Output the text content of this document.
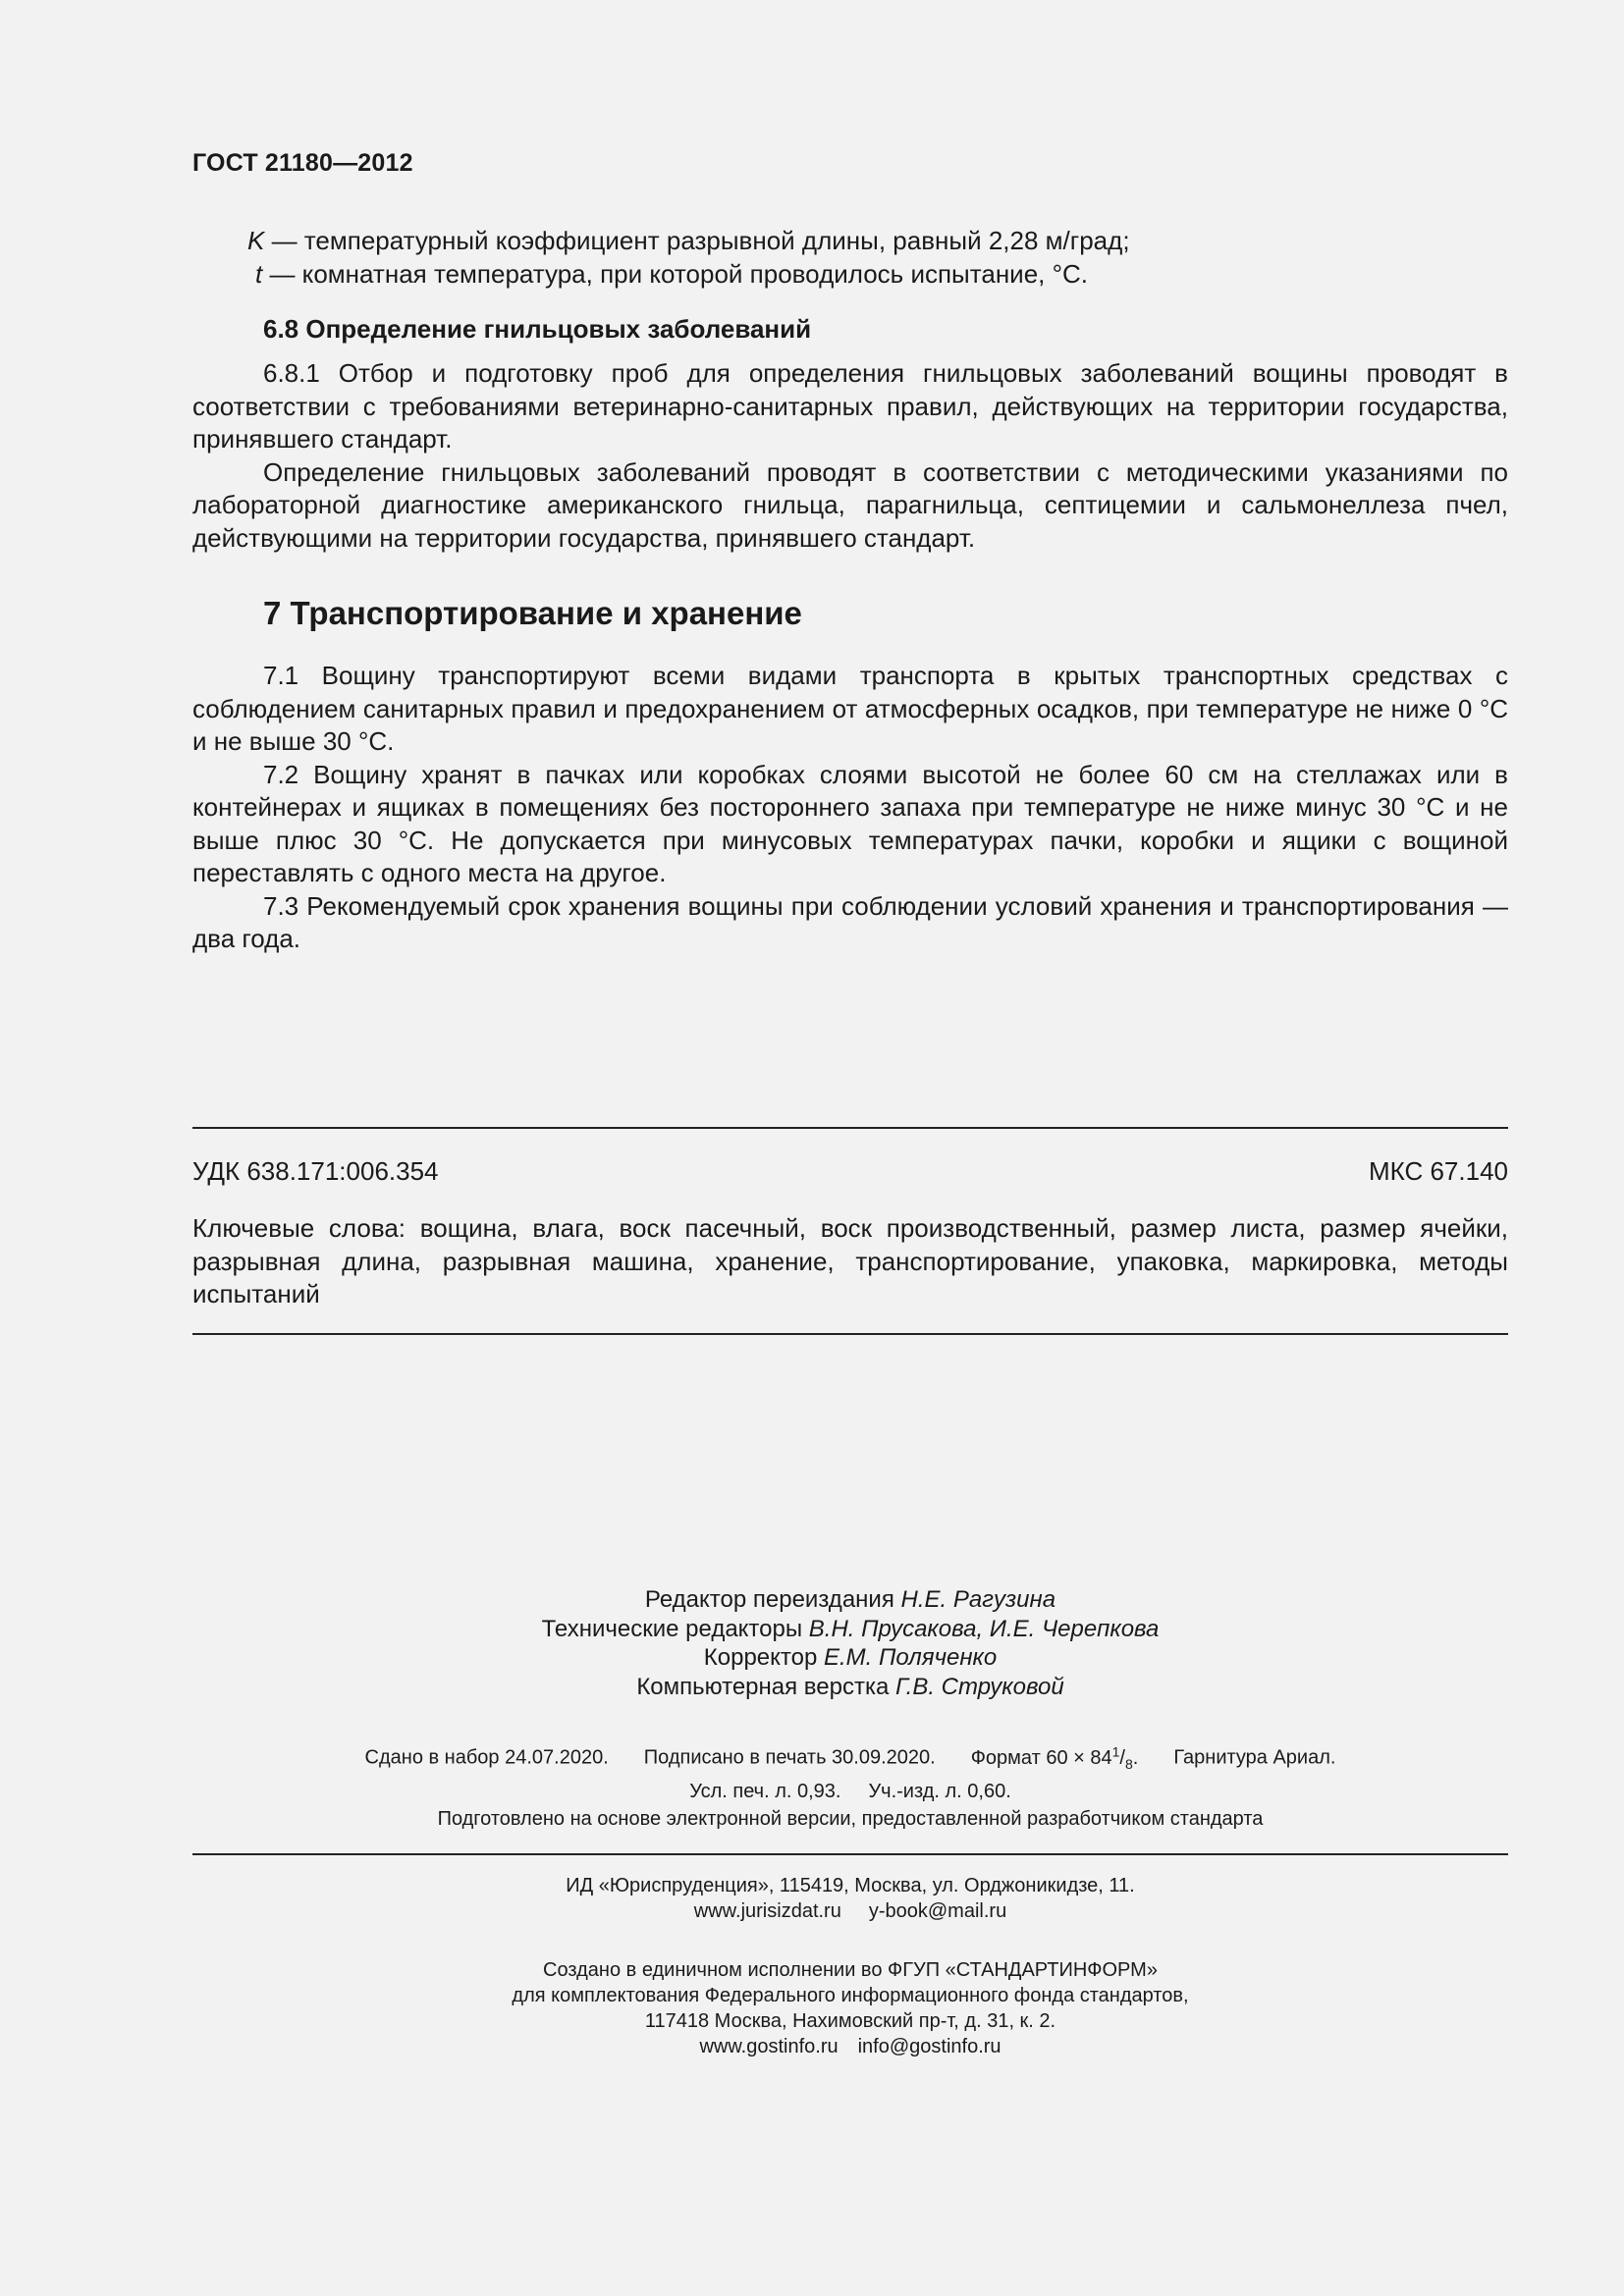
ГОСТ 21180—2012
K — температурный коэффициент разрывной длины, равный 2,28 м/град;
t — комнатная температура, при которой проводилось испытание, °С.
6.8 Определение гнильцовых заболеваний

6.8.1 Отбор и подготовку проб для определения гнильцовых заболеваний вощины проводят в соответствии с требованиями ветеринарно-санитарных правил, действующих на территории государства, принявшего стандарт.

Определение гнильцовых заболеваний проводят в соответствии с методическими указаниями по лабораторной диагностике американского гнильца, парагнильца, септицемии и сальмонеллеза пчел, действующими на территории государства, принявшего стандарт.

7 Транспортирование и хранение

7.1 Вощину транспортируют всеми видами транспорта в крытых транспортных средствах с соблюдением санитарных правил и предохранением от атмосферных осадков, при температуре не ниже 0 °С и не выше 30 °С.

7.2 Вощину хранят в пачках или коробках слоями высотой не более 60 см на стеллажах или в контейнерах и ящиках в помещениях без постороннего запаха при температуре не ниже минус 30 °С и не выше плюс 30 °С. Не допускается при минусовых температурах пачки, коробки и ящики с вощиной переставлять с одного места на другое.

7.3 Рекомендуемый срок хранения вощины при соблюдении условий хранения и транспортирования — два года.

УДК 638.171:006.354	МКС 67.140
Ключевые слова: вощина, влага, воск пасечный, воск производственный, размер листа, размер ячейки, разрывная длина, разрывная машина, хранение, транспортирование, упаковка, маркировка, методы испытаний
Редактор переиздания Н.Е. Рагузина
Технические редакторы В.Н. Прусакова, И.Е. Черепкова
Корректор Е.М. Поляченко
Компьютерная верстка Г.В. Струковой
Сдано в набор 24.07.2020. Подписано в печать 30.09.2020. Формат $60 \times 84^1/_8$. Гарнитура Ариал.
Усл. печ. л. 0,93. Уч.-изд. л. 0,60.
Подготовлено на основе электронной версии, предоставленной разработчиком стандарта
ИД «Юриспруденция», 115419, Москва, ул. Орджоникидзе, 11.
www.jurisizdat.ru y-book@mail.ru
Создано в единичном исполнении во ФГУП «СТАНДАРТИНФОРМ»
для комплектования Федерального информационного фонда стандартов,
117418 Москва, Нахимовский пр-т, д. 31, к. 2.
www.gostinfo.ru info@gostinfo.ru
